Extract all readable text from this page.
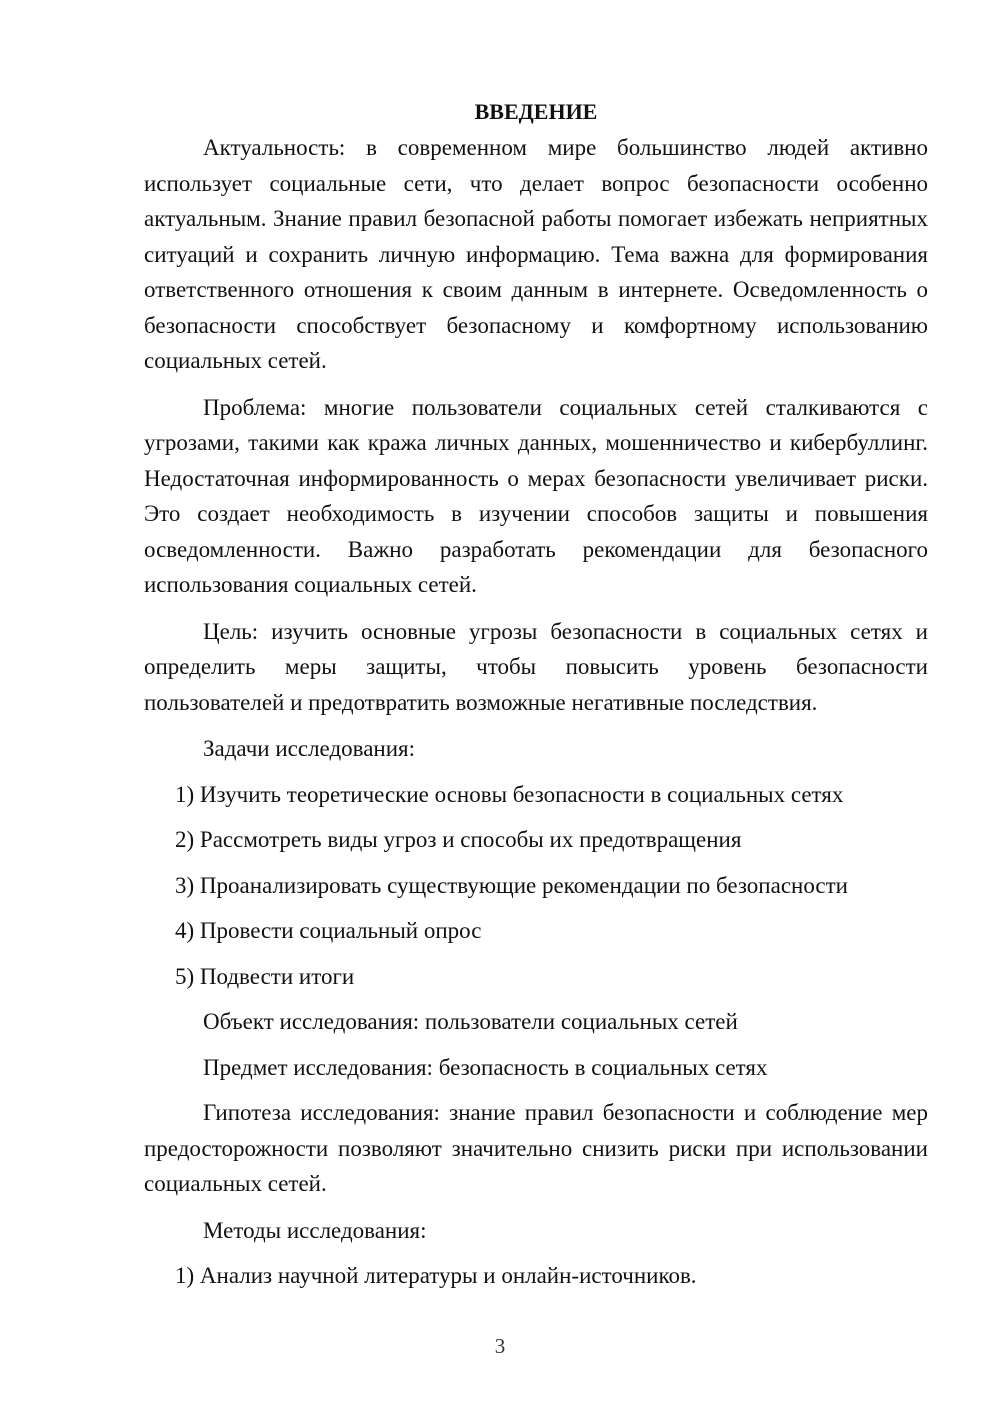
ВВЕДЕНИЕ

Актуальность: в современном мире большинство людей активно использует социальные сети, что делает вопрос безопасности особенно актуальным. Знание правил безопасной работы помогает избежать неприятных ситуаций и сохранить личную информацию. Тема важна для формирования ответственного отношения к своим данным в интернете. Осведомленность о безопасности способствует безопасному и комфортному использованию социальных сетей.

Проблема: многие пользователи социальных сетей сталкиваются с угрозами, такими как кража личных данных, мошенничество и кибербуллинг. Недостаточная информированность о мерах безопасности увеличивает риски. Это создает необходимость в изучении способов защиты и повышения осведомленности. Важно разработать рекомендации для безопасного использования социальных сетей.

Цель: изучить основные угрозы безопасности в социальных сетях и определить меры защиты, чтобы повысить уровень безопасности пользователей и предотвратить возможные негативные последствия.

Задачи исследования:
1) Изучить теоретические основы безопасности в социальных сетях
2) Рассмотреть виды угроз и способы их предотвращения
3) Проанализировать существующие рекомендации по безопасности
4) Провести социальный опрос
5) Подвести итоги
Объект исследования: пользователи социальных сетей
Предмет исследования: безопасность в социальных сетях

Гипотеза исследования: знание правил безопасности и соблюдение мер предосторожности позволяют значительно снизить риски при использовании социальных сетей.

Методы исследования:
1) Анализ научной литературы и онлайн-источников.
3
